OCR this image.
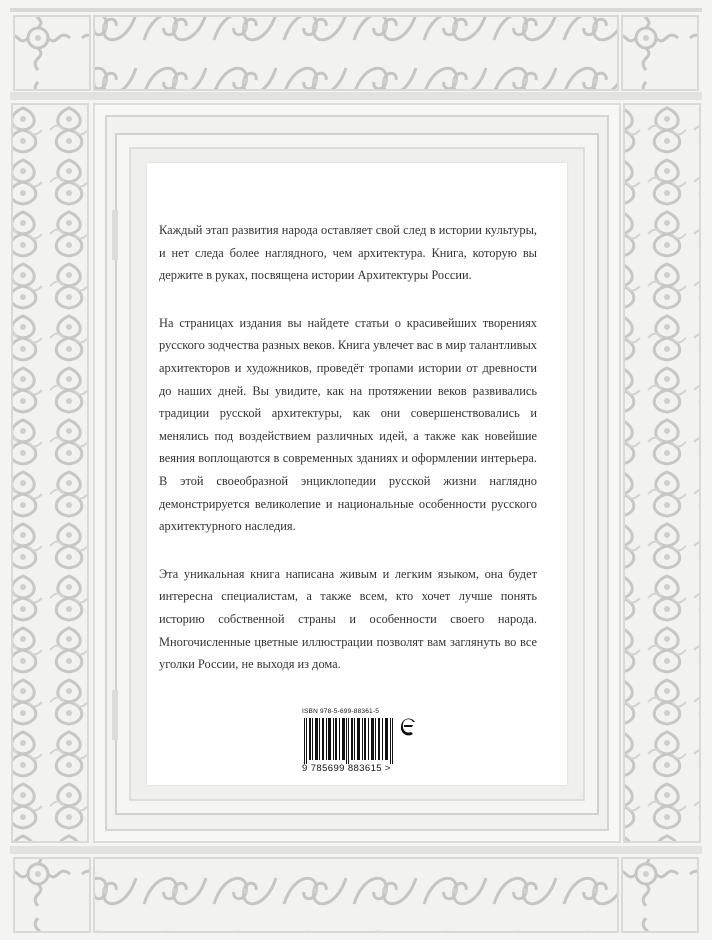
Каждый этап развития народа оставляет свой след в истории культуры, и нет следа более наглядного, чем архитектура. Книга, которую вы держите в руках, посвящена истории Архитектуры России.

На страницах издания вы найдете статьи о красивейших творениях русского зодчества разных веков. Книга увлечет вас в мир талантливых архитекторов и художников, проведёт тропами истории от древности до наших дней. Вы увидите, как на протяжении веков развивались традиции русской архитектуры, как они совершенствовались и менялись под воздействием различных идей, а также как новейшие веяния воплощаются в современных зданиях и оформлении интерьера. В этой своеобразной энциклопедии русской жизни наглядно демонстрируется великолепие и национальные особенности русского архитектурного наследия.

Эта уникальная книга написана живым и легким языком, она будет интересна специалистам, а также всем, кто хочет лучше понять историю собственной страны и особенности своего народа. Многочисленные цветные иллюстрации позволят вам заглянуть во все уголки России, не выходя из дома.

ISBN 978-5-699-88361-5
9 785699 883615 >
